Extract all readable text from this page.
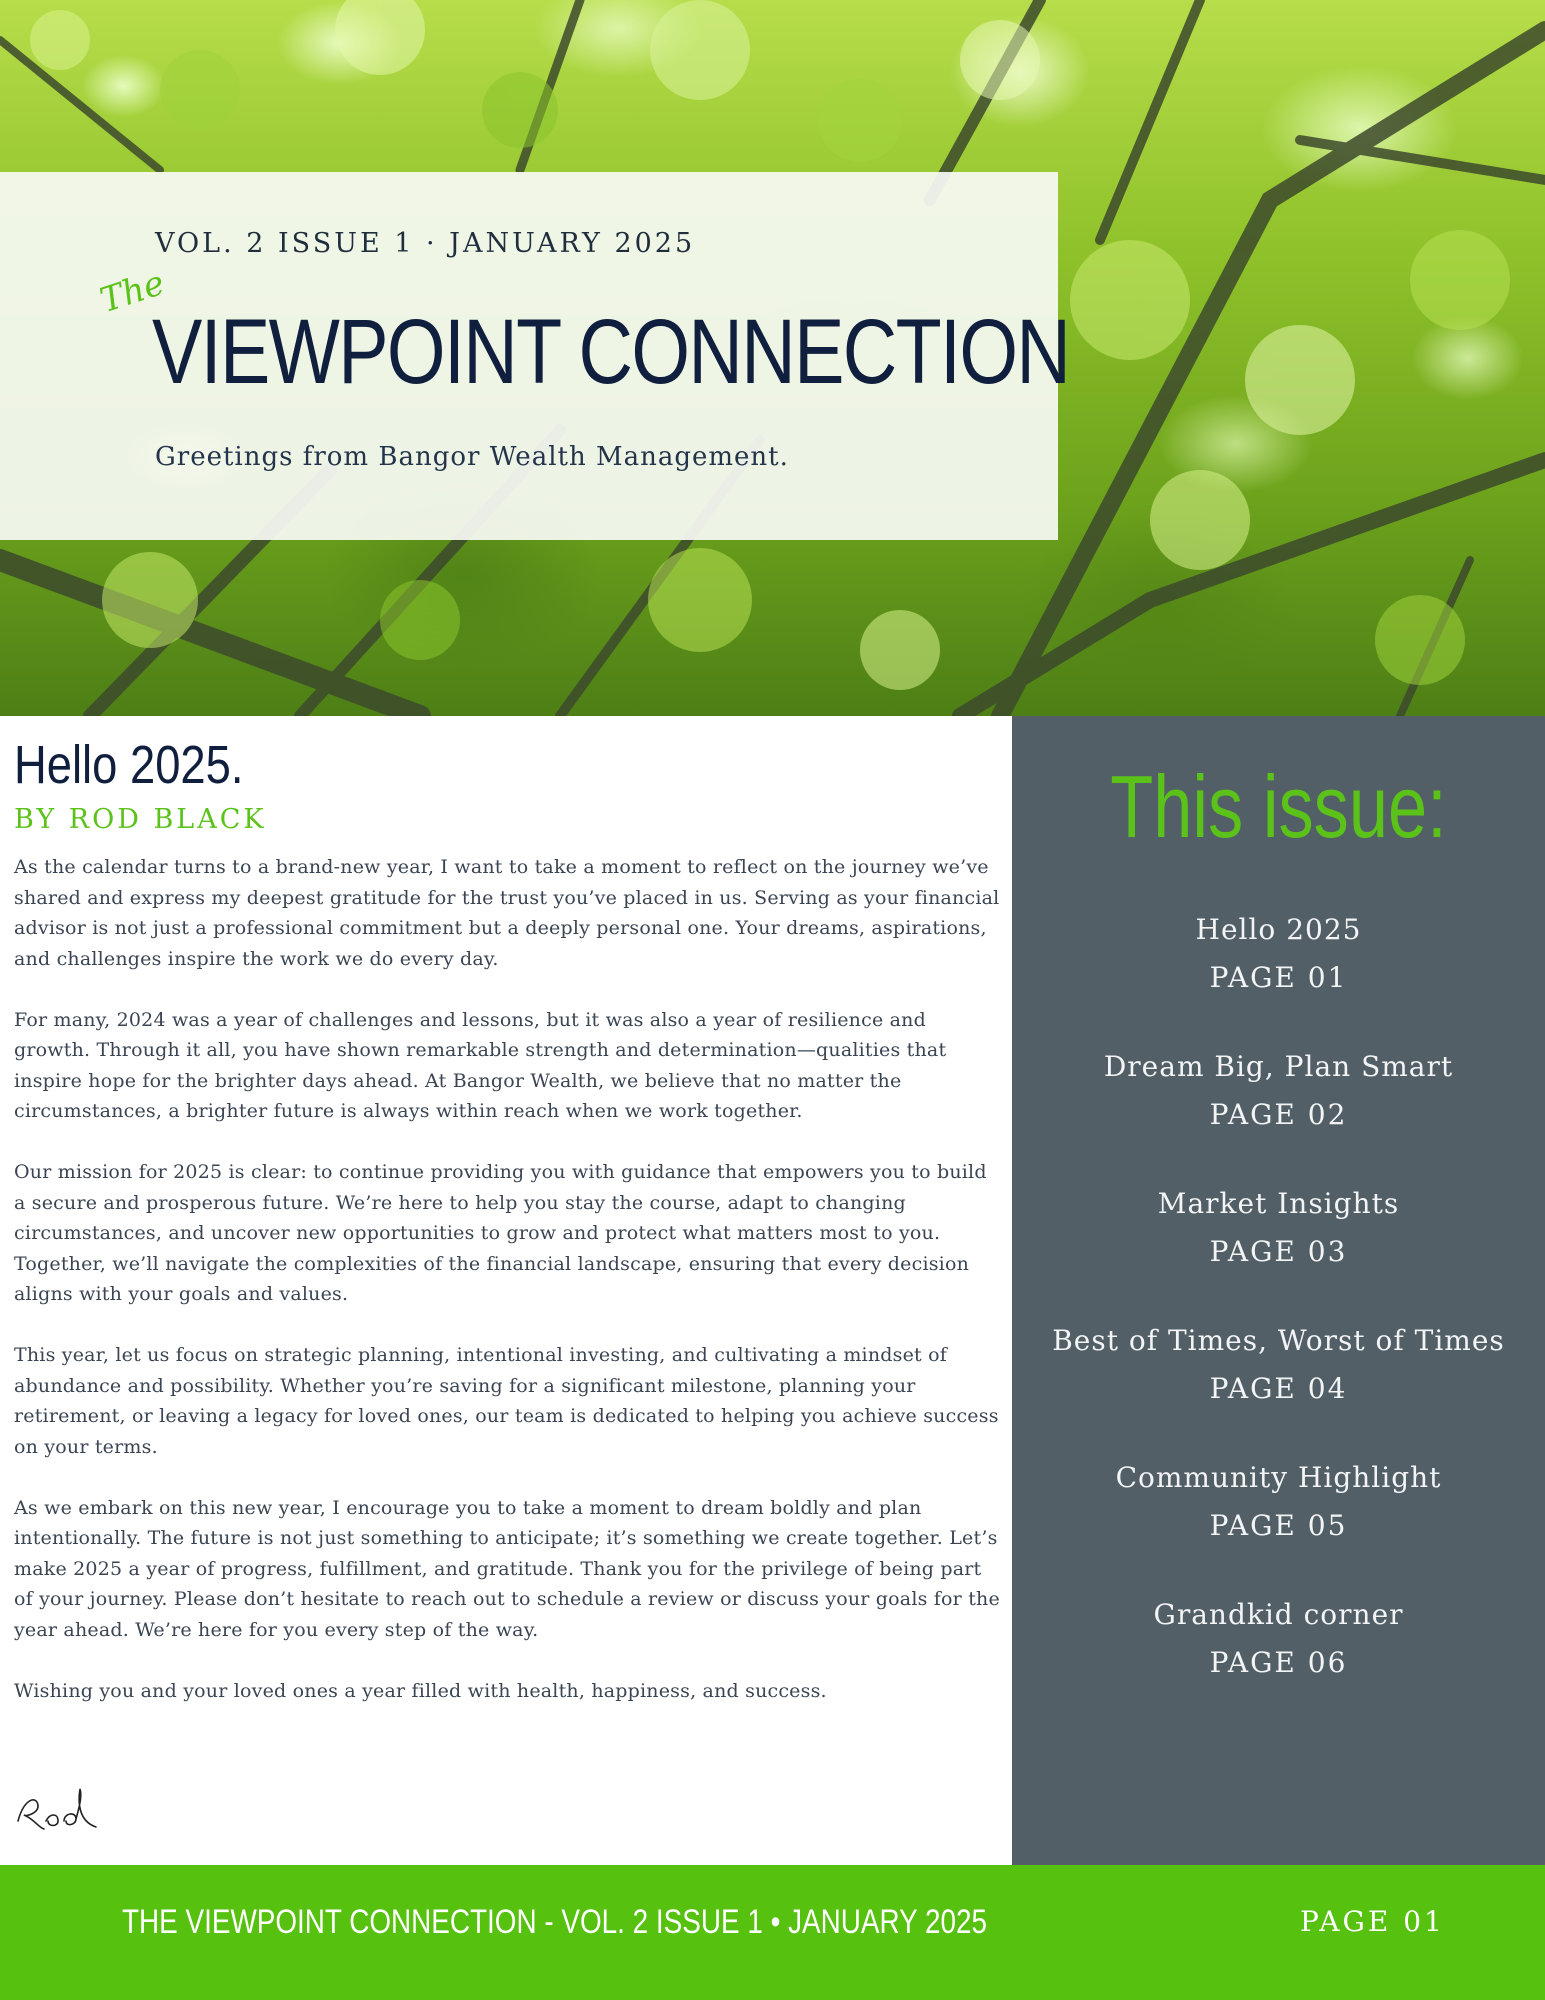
VOL. 2 ISSUE 1 · JANUARY 2025
The
VIEWPOINT CONNECTION
Greetings from Bangor Wealth Management.
Hello 2025.
BY ROD BLACK

As the calendar turns to a brand-new year, I want to take a moment to reflect on the journey we’ve shared and express my deepest gratitude for the trust you’ve placed in us. Serving as your financial advisor is not just a professional commitment but a deeply personal one. Your dreams, aspirations, and challenges inspire the work we do every day.

For many, 2024 was a year of challenges and lessons, but it was also a year of resilience and growth. Through it all, you have shown remarkable strength and determination—qualities that inspire hope for the brighter days ahead. At Bangor Wealth, we believe that no matter the circumstances, a brighter future is always within reach when we work together.

Our mission for 2025 is clear: to continue providing you with guidance that empowers you to build a secure and prosperous future. We’re here to help you stay the course, adapt to changing circumstances, and uncover new opportunities to grow and protect what matters most to you. Together, we’ll navigate the complexities of the financial landscape, ensuring that every decision aligns with your goals and values.

This year, let us focus on strategic planning, intentional investing, and cultivating a mindset of abundance and possibility. Whether you’re saving for a significant milestone, planning your retirement, or leaving a legacy for loved ones, our team is dedicated to helping you achieve success on your terms.

As we embark on this new year, I encourage you to take a moment to dream boldly and plan intentionally. The future is not just something to anticipate; it’s something we create together. Let’s make 2025 a year of progress, fulfillment, and gratitude. Thank you for the privilege of being part of your journey. Please don’t hesitate to reach out to schedule a review or discuss your goals for the year ahead. We’re here for you every step of the way.

Wishing you and your loved ones a year filled with health, happiness, and success.

This issue:
Hello 2025
PAGE 01
Dream Big, Plan Smart
PAGE 02
Market Insights
PAGE 03
Best of Times, Worst of Times
PAGE 04
Community Highlight
PAGE 05
Grandkid corner
PAGE 06
THE VIEWPOINT CONNECTION - VOL. 2 ISSUE 1 • JANUARY 2025	PAGE 01
